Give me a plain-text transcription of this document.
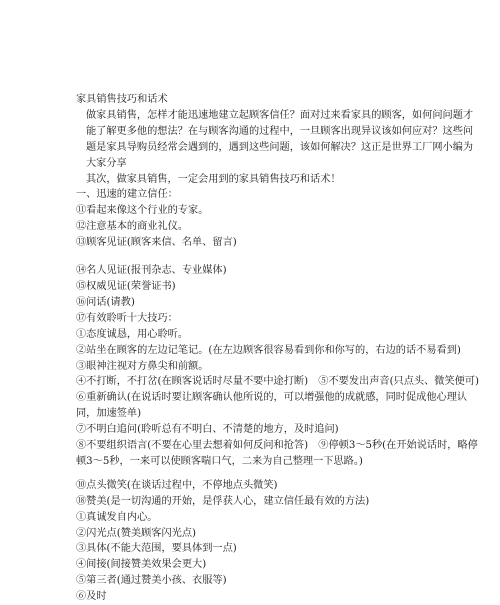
家具销售技巧和话术

做家具销售，怎样才能迅速地建立起顾客信任？面对过来看家具的顾客，如何问问题才能了解更多他的想法？在与顾客沟通的过程中，一旦顾客出现异议该如何应对？这些问题是家具导购员经常会遇到的，遇到这些问题，该如何解决？这正是世界工厂网小编为大家分享

其次，做家具销售，一定会用到的家具销售技巧和话术！

一、迅速的建立信任：

⑪看起来像这个行业的专家。

⑫注意基本的商业礼仪。

⑬顾客见证(顾客来信、名单、留言)

⑭名人见证(报刊杂志、专业媒体)

⑮权威见证(荣誉证书)

⑯问话(请教)

⑰有效聆听十大技巧：

①态度诚恳，用心聆听。

②站坐在顾客的左边记笔记。(在左边顾客很容易看到你和你写的，右边的话不易看到)

③眼神注视对方鼻尖和前额。

④不打断，不打岔(在顾客说话时尽量不要中途打断)　⑤不要发出声音(只点头、微笑便可)

⑥重新确认(在说话时要让顾客确认他所说的，可以增强他的成就感，同时促成他心理认同，加速签单)

⑦不明白追问(聆听总有不明白、不清楚的地方，及时追问)

⑧不要组织语言(不要在心里去想着如何反问和抢答)　⑨停顿3～5秒(在开始说话时，略停顿3～5秒，一来可以使顾客喘口气，二来为自己整理一下思路。)

⑩点头微笑(在谈话过程中，不停地点头微笑)

⑱赞美(是一切沟通的开始，是俘获人心，建立信任最有效的方法)

①真诚发自内心。

②闪光点(赞美顾客闪光点)

③具体(不能大范围，要具体到一点)

④间接(间接赞美效果会更大)

⑤第三者(通过赞美小孩、衣服等)

⑥及时
